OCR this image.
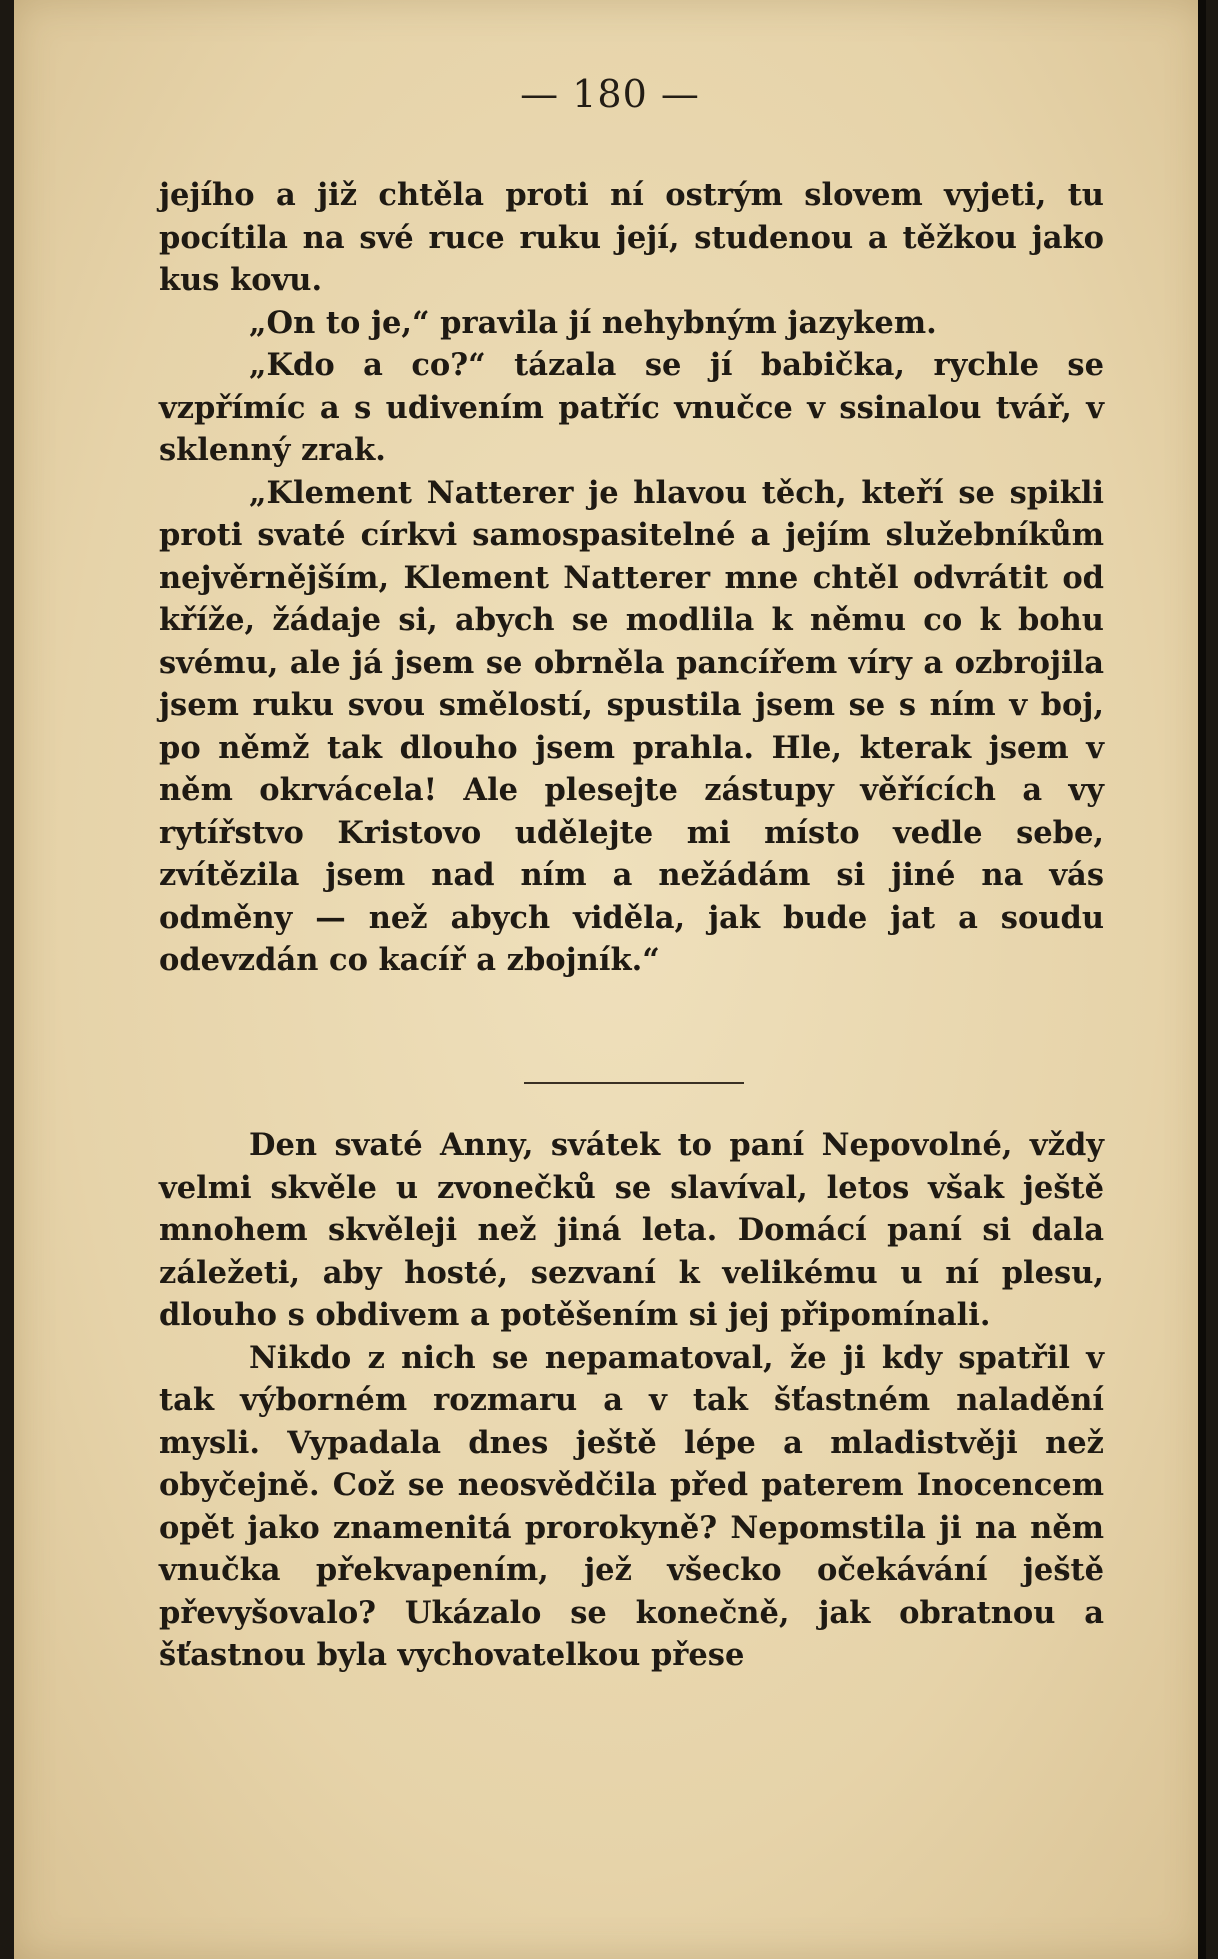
— 180 —

jejího a již chtěla proti ní ostrým slovem vyjeti, tu pocítila na své ruce ruku její, studenou a těžkou jako kus kovu.

„On to je,“ pravila jí nehybným jazykem.

„Kdo a co?“ tázala se jí babička, rychle se vzpřímíc a s udivením patříc vnučce v ssinalou tvář, v sklenný zrak.

„Klement Natterer je hlavou těch, kteří se spikli proti svaté církvi samospasitelné a jejím služebníkům nejvěrnějším, Klement Natterer mne chtěl odvrátit od kříže, žádaje si, abych se modlila k němu co k bohu svému, ale já jsem se obrněla pancířem víry a ozbrojila jsem ruku svou smělostí, spustila jsem se s ním v boj, po němž tak dlouho jsem prahla. Hle, kterak jsem v něm okrvácela! Ale plesejte zástupy věřících a vy rytířstvo Kristovo udělejte mi místo vedle sebe, zvítězila jsem nad ním a nežádám si jiné na vás odměny — než abych viděla, jak bude jat a soudu odevzdán co kacíř a zbojník.“

Den svaté Anny, svátek to paní Nepovolné, vždy velmi skvěle u zvonečků se slavíval, letos však ještě mnohem skvěleji než jiná leta. Domácí paní si dala záležeti, aby hosté, sezvaní k velikému u ní plesu, dlouho s obdivem a potěšením si jej připomínali.

Nikdo z nich se nepamatoval, že ji kdy spatřil v tak výborném rozmaru a v tak šťastném naladění mysli. Vypadala dnes ještě lépe a mladistvěji než obyčejně. Což se neosvědčila před paterem Inocencem opět jako znamenitá prorokyně? Nepomstila ji na něm vnučka překvapením, jež všecko očekávání ještě převyšovalo? Ukázalo se konečně, jak obratnou a šťastnou byla vychovatelkou přese
